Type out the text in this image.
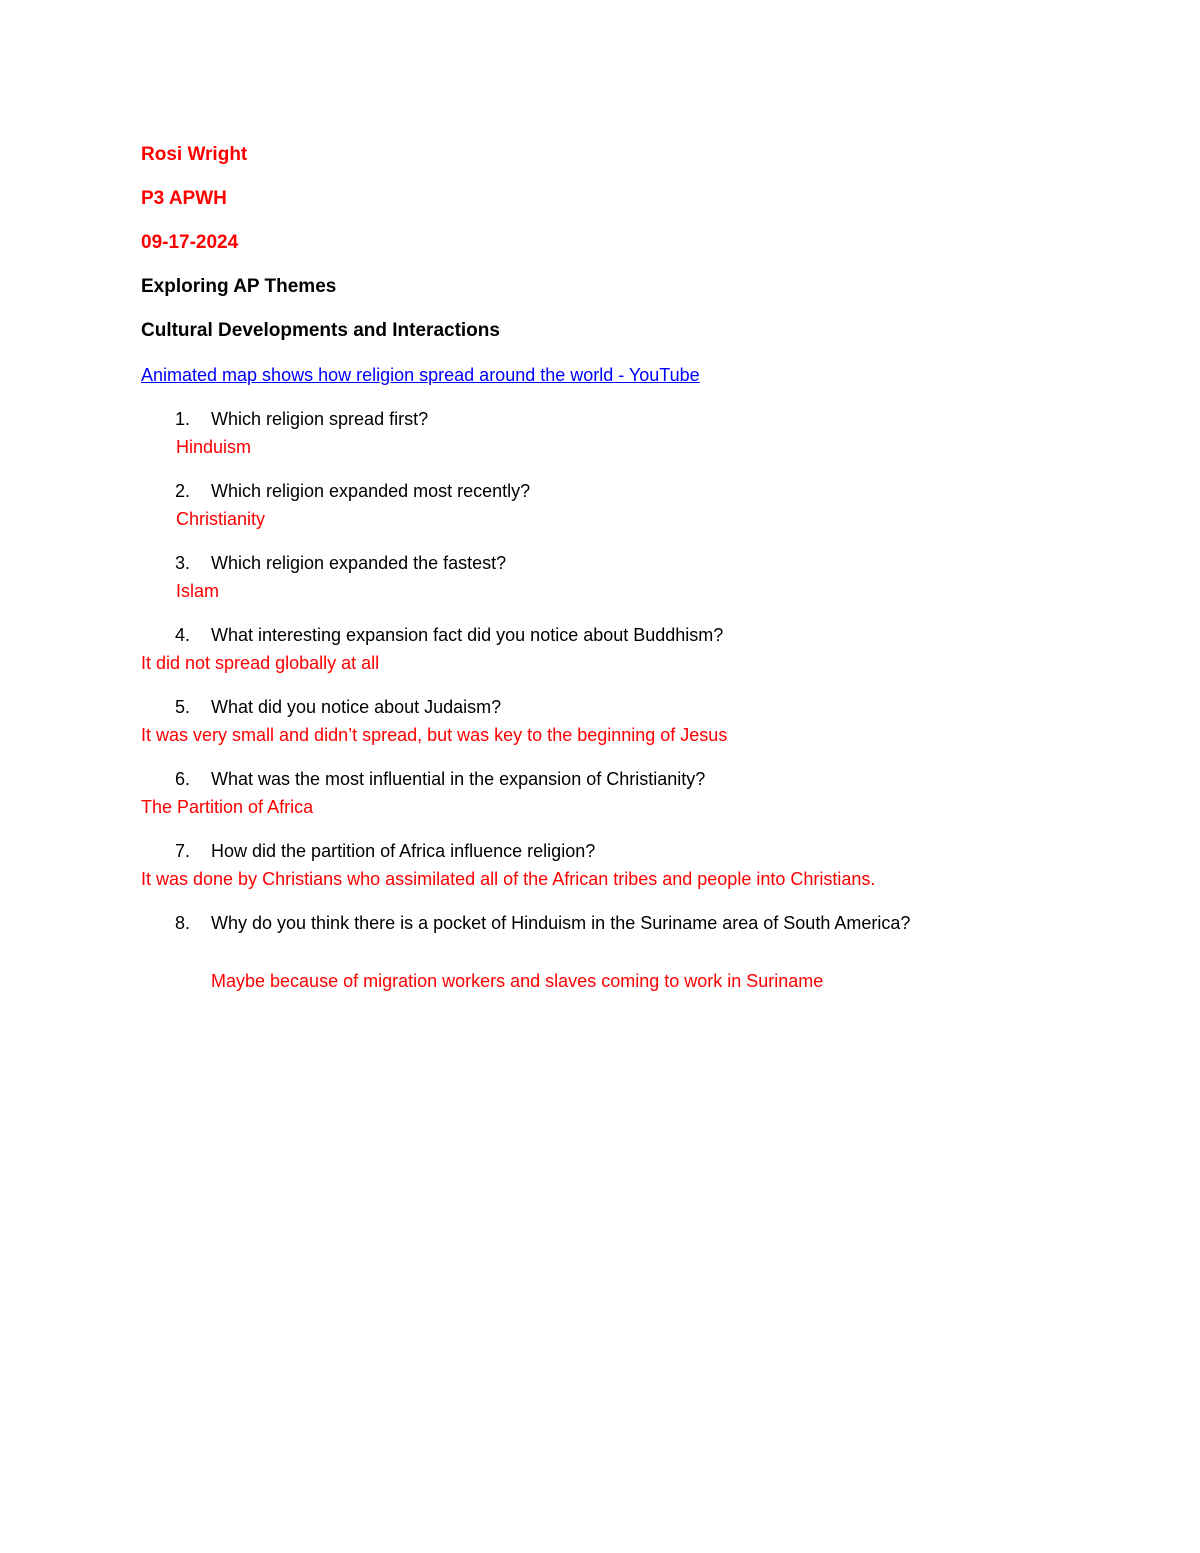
Rosi Wright
P3 APWH
09-17-2024
Exploring AP Themes
Cultural Developments and Interactions
Animated map shows how religion spread around the world - YouTube
1. Which religion spread first?
Hinduism
2. Which religion expanded most recently?
Christianity
3. Which religion expanded the fastest?
Islam
4. What interesting expansion fact did you notice about Buddhism?
It did not spread globally at all
5. What did you notice about Judaism?
It was very small and didn’t spread, but was key to the beginning of Jesus
6. What was the most influential in the expansion of Christianity?
The Partition of Africa
7. How did the partition of Africa influence religion?
It was done by Christians who assimilated all of the African tribes and people into Christians.
8. Why do you think there is a pocket of Hinduism in the Suriname area of South America?
Maybe because of migration workers and slaves coming to work in Suriname
